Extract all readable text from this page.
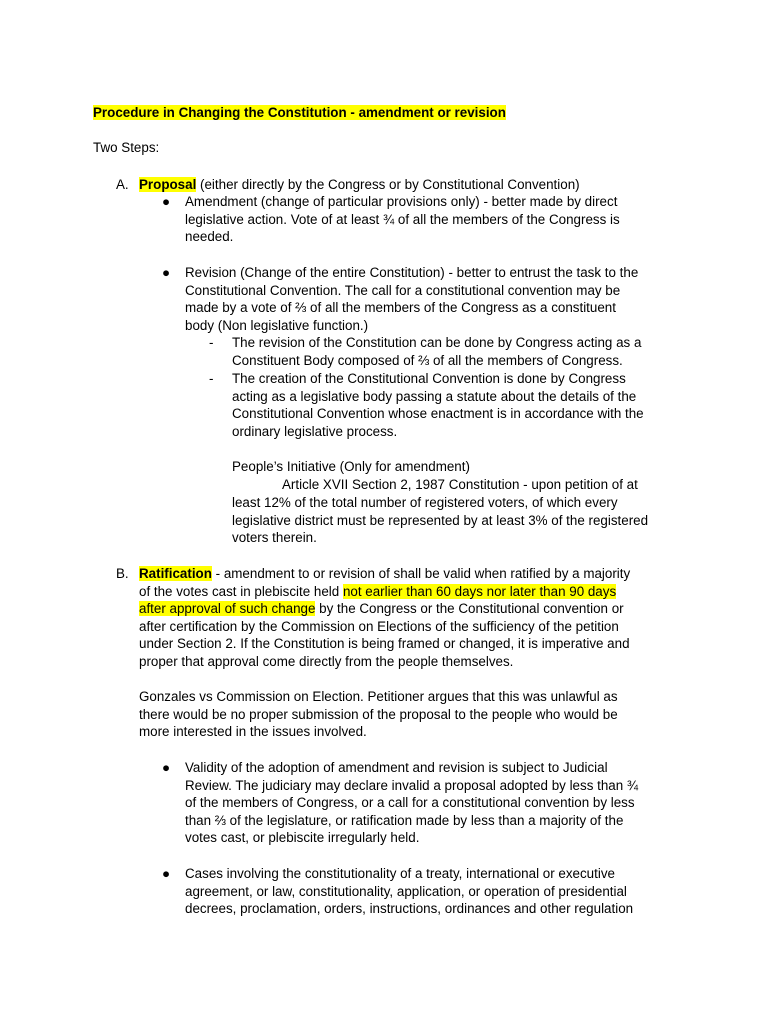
Procedure in Changing the Constitution - amendment or revision
Two Steps:
A. Proposal (either directly by the Congress or by Constitutional Convention)
● Amendment (change of particular provisions only) - better made by direct
legislative action. Vote of at least ¾ of all the members of the Congress is
needed.
● Revision (Change of the entire Constitution) - better to entrust the task to the
Constitutional Convention. The call for a constitutional convention may be
made by a vote of ⅔ of all the members of the Congress as a constituent
body (Non legislative function.)
- The revision of the Constitution can be done by Congress acting as a
Constituent Body composed of ⅔ of all the members of Congress.
- The creation of the Constitutional Convention is done by Congress
acting as a legislative body passing a statute about the details of the
Constitutional Convention whose enactment is in accordance with the
ordinary legislative process.
People’s Initiative (Only for amendment)
Article XVII Section 2, 1987 Constitution - upon petition of at
least 12% of the total number of registered voters, of which every
legislative district must be represented by at least 3% of the registered
voters therein.
B. Ratification - amendment to or revision of shall be valid when ratified by a majority
of the votes cast in plebiscite held not earlier than 60 days nor later than 90 days
after approval of such change by the Congress or the Constitutional convention or
after certification by the Commission on Elections of the sufficiency of the petition
under Section 2. If the Constitution is being framed or changed, it is imperative and
proper that approval come directly from the people themselves.
Gonzales vs Commission on Election. Petitioner argues that this was unlawful as
there would be no proper submission of the proposal to the people who would be
more interested in the issues involved.
● Validity of the adoption of amendment and revision is subject to Judicial
Review. The judiciary may declare invalid a proposal adopted by less than ¾
of the members of Congress, or a call for a constitutional convention by less
than ⅔ of the legislature, or ratification made by less than a majority of the
votes cast, or plebiscite irregularly held.
● Cases involving the constitutionality of a treaty, international or executive
agreement, or law, constitutionality, application, or operation of presidential
decrees, proclamation, orders, instructions, ordinances and other regulation
